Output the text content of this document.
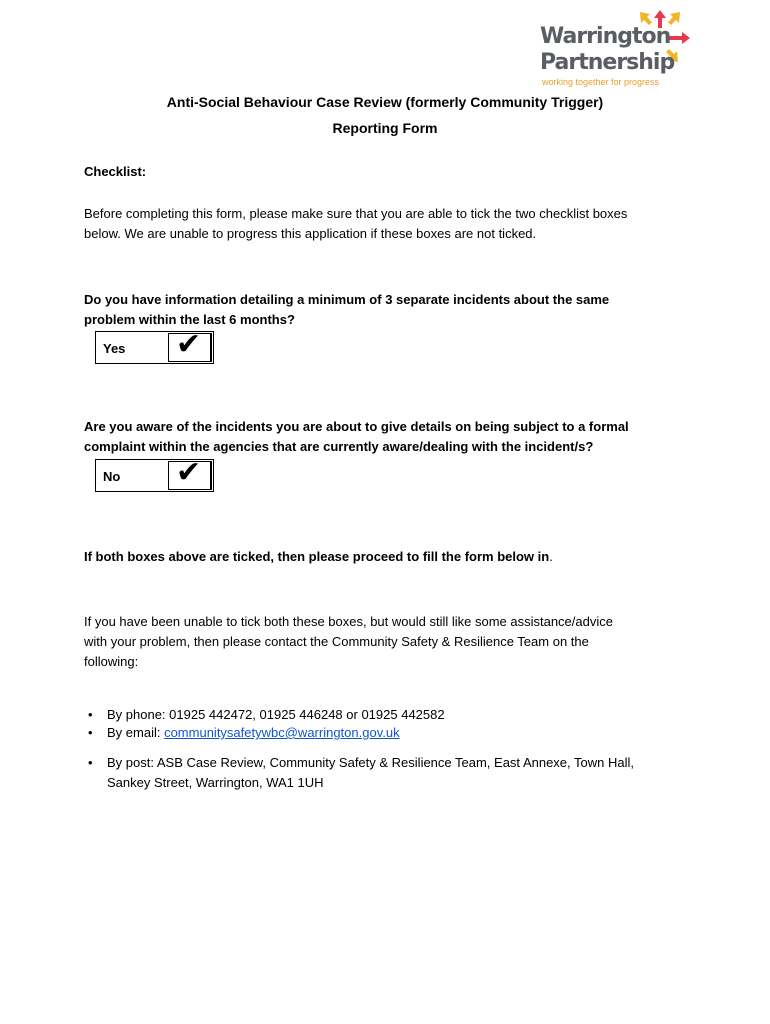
Warrington
Partnership
working together for progress
Anti-Social Behaviour Case Review (formerly Community Trigger)
Reporting Form
Checklist:
Before completing this form, please make sure that you are able to tick the two checklist boxes
below. We are unable to progress this application if these boxes are not ticked.
Do you have information detailing a minimum of 3 separate incidents about the same
problem within the last 6 months?
Yes ✔
Are you aware of the incidents you are about to give details on being subject to a formal
complaint within the agencies that are currently aware/dealing with the incident/s?
No ✔
If both boxes above are ticked, then please proceed to fill the form below in.
If you have been unable to tick both these boxes, but would still like some assistance/advice
with your problem, then please contact the Community Safety & Resilience Team on the
following:
• By phone: 01925 442472, 01925 446248 or 01925 442582
• By email: communitysafetywbc@warrington.gov.uk
• By post: ASB Case Review, Community Safety & Resilience Team, East Annexe, Town Hall,
Sankey Street, Warrington, WA1 1UH
